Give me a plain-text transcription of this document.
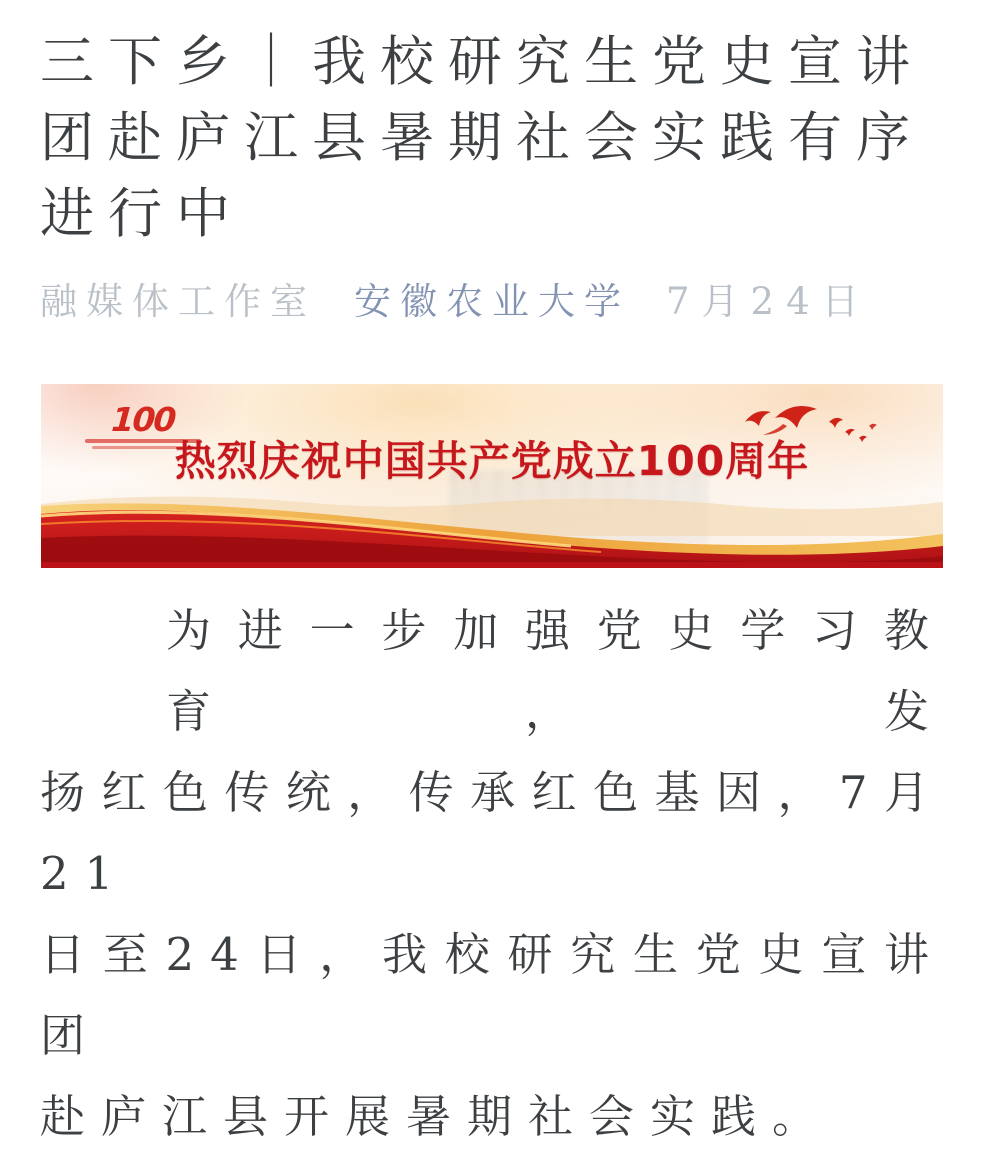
三下乡｜我校研究生党史宣讲
团赴庐江县暑期社会实践有序
进行中
融媒体工作室 安徽农业大学 7月24日
100
热烈庆祝中国共产党成立100周年
为进一步加强党史学习教育，发
扬红色传统，传承红色基因，7月21
日至24日，我校研究生党史宣讲团
赴庐江县开展暑期社会实践。
